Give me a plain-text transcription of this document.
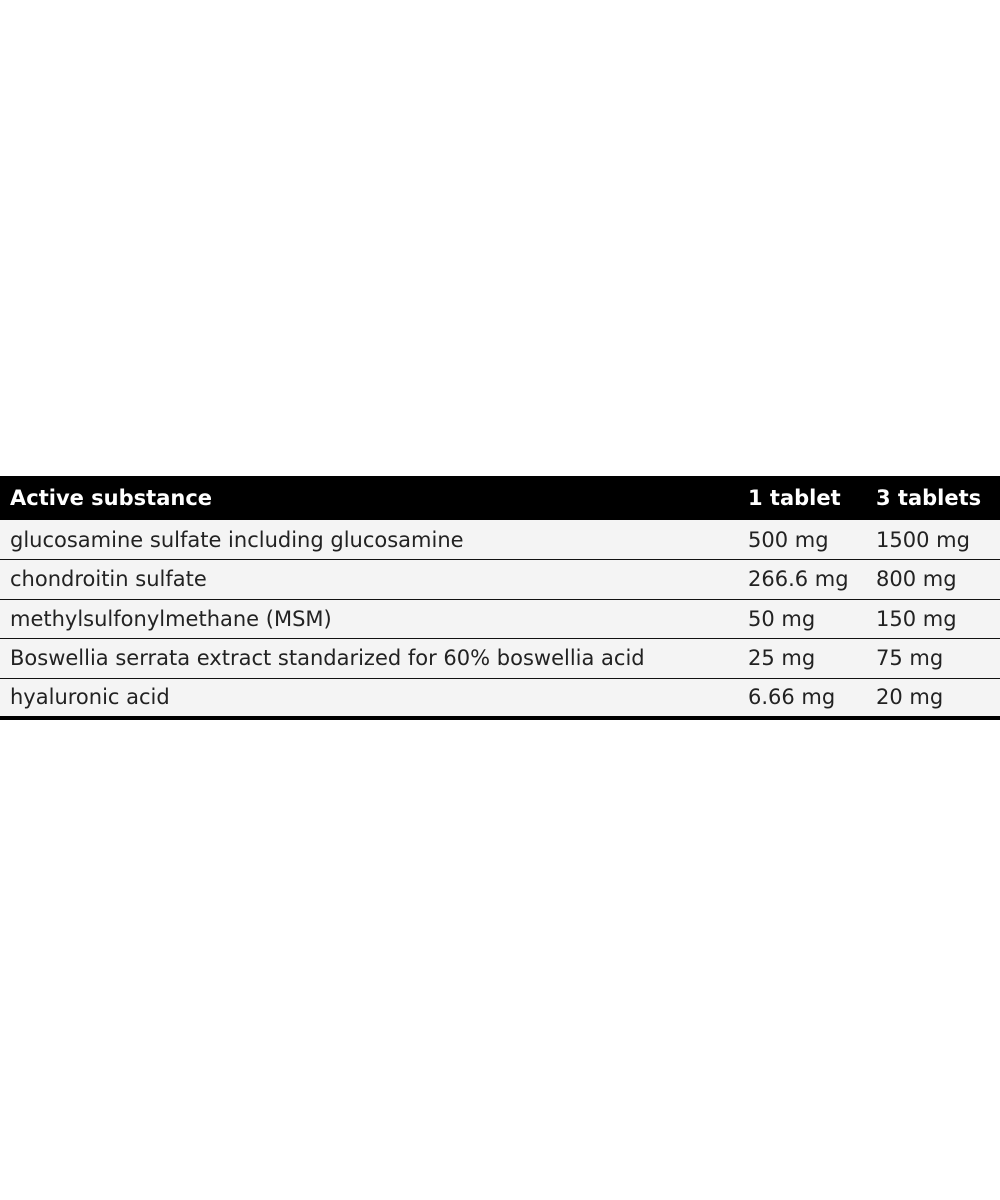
Active substance	1 tablet	3 tablets
glucosamine sulfate including glucosamine	500 mg	1500 mg
chondroitin sulfate	266.6 mg	800 mg
methylsulfonylmethane (MSM)	50 mg	150 mg
Boswellia serrata extract standarized for 60% boswellia acid	25 mg	75 mg
hyaluronic acid	6.66 mg	20 mg
